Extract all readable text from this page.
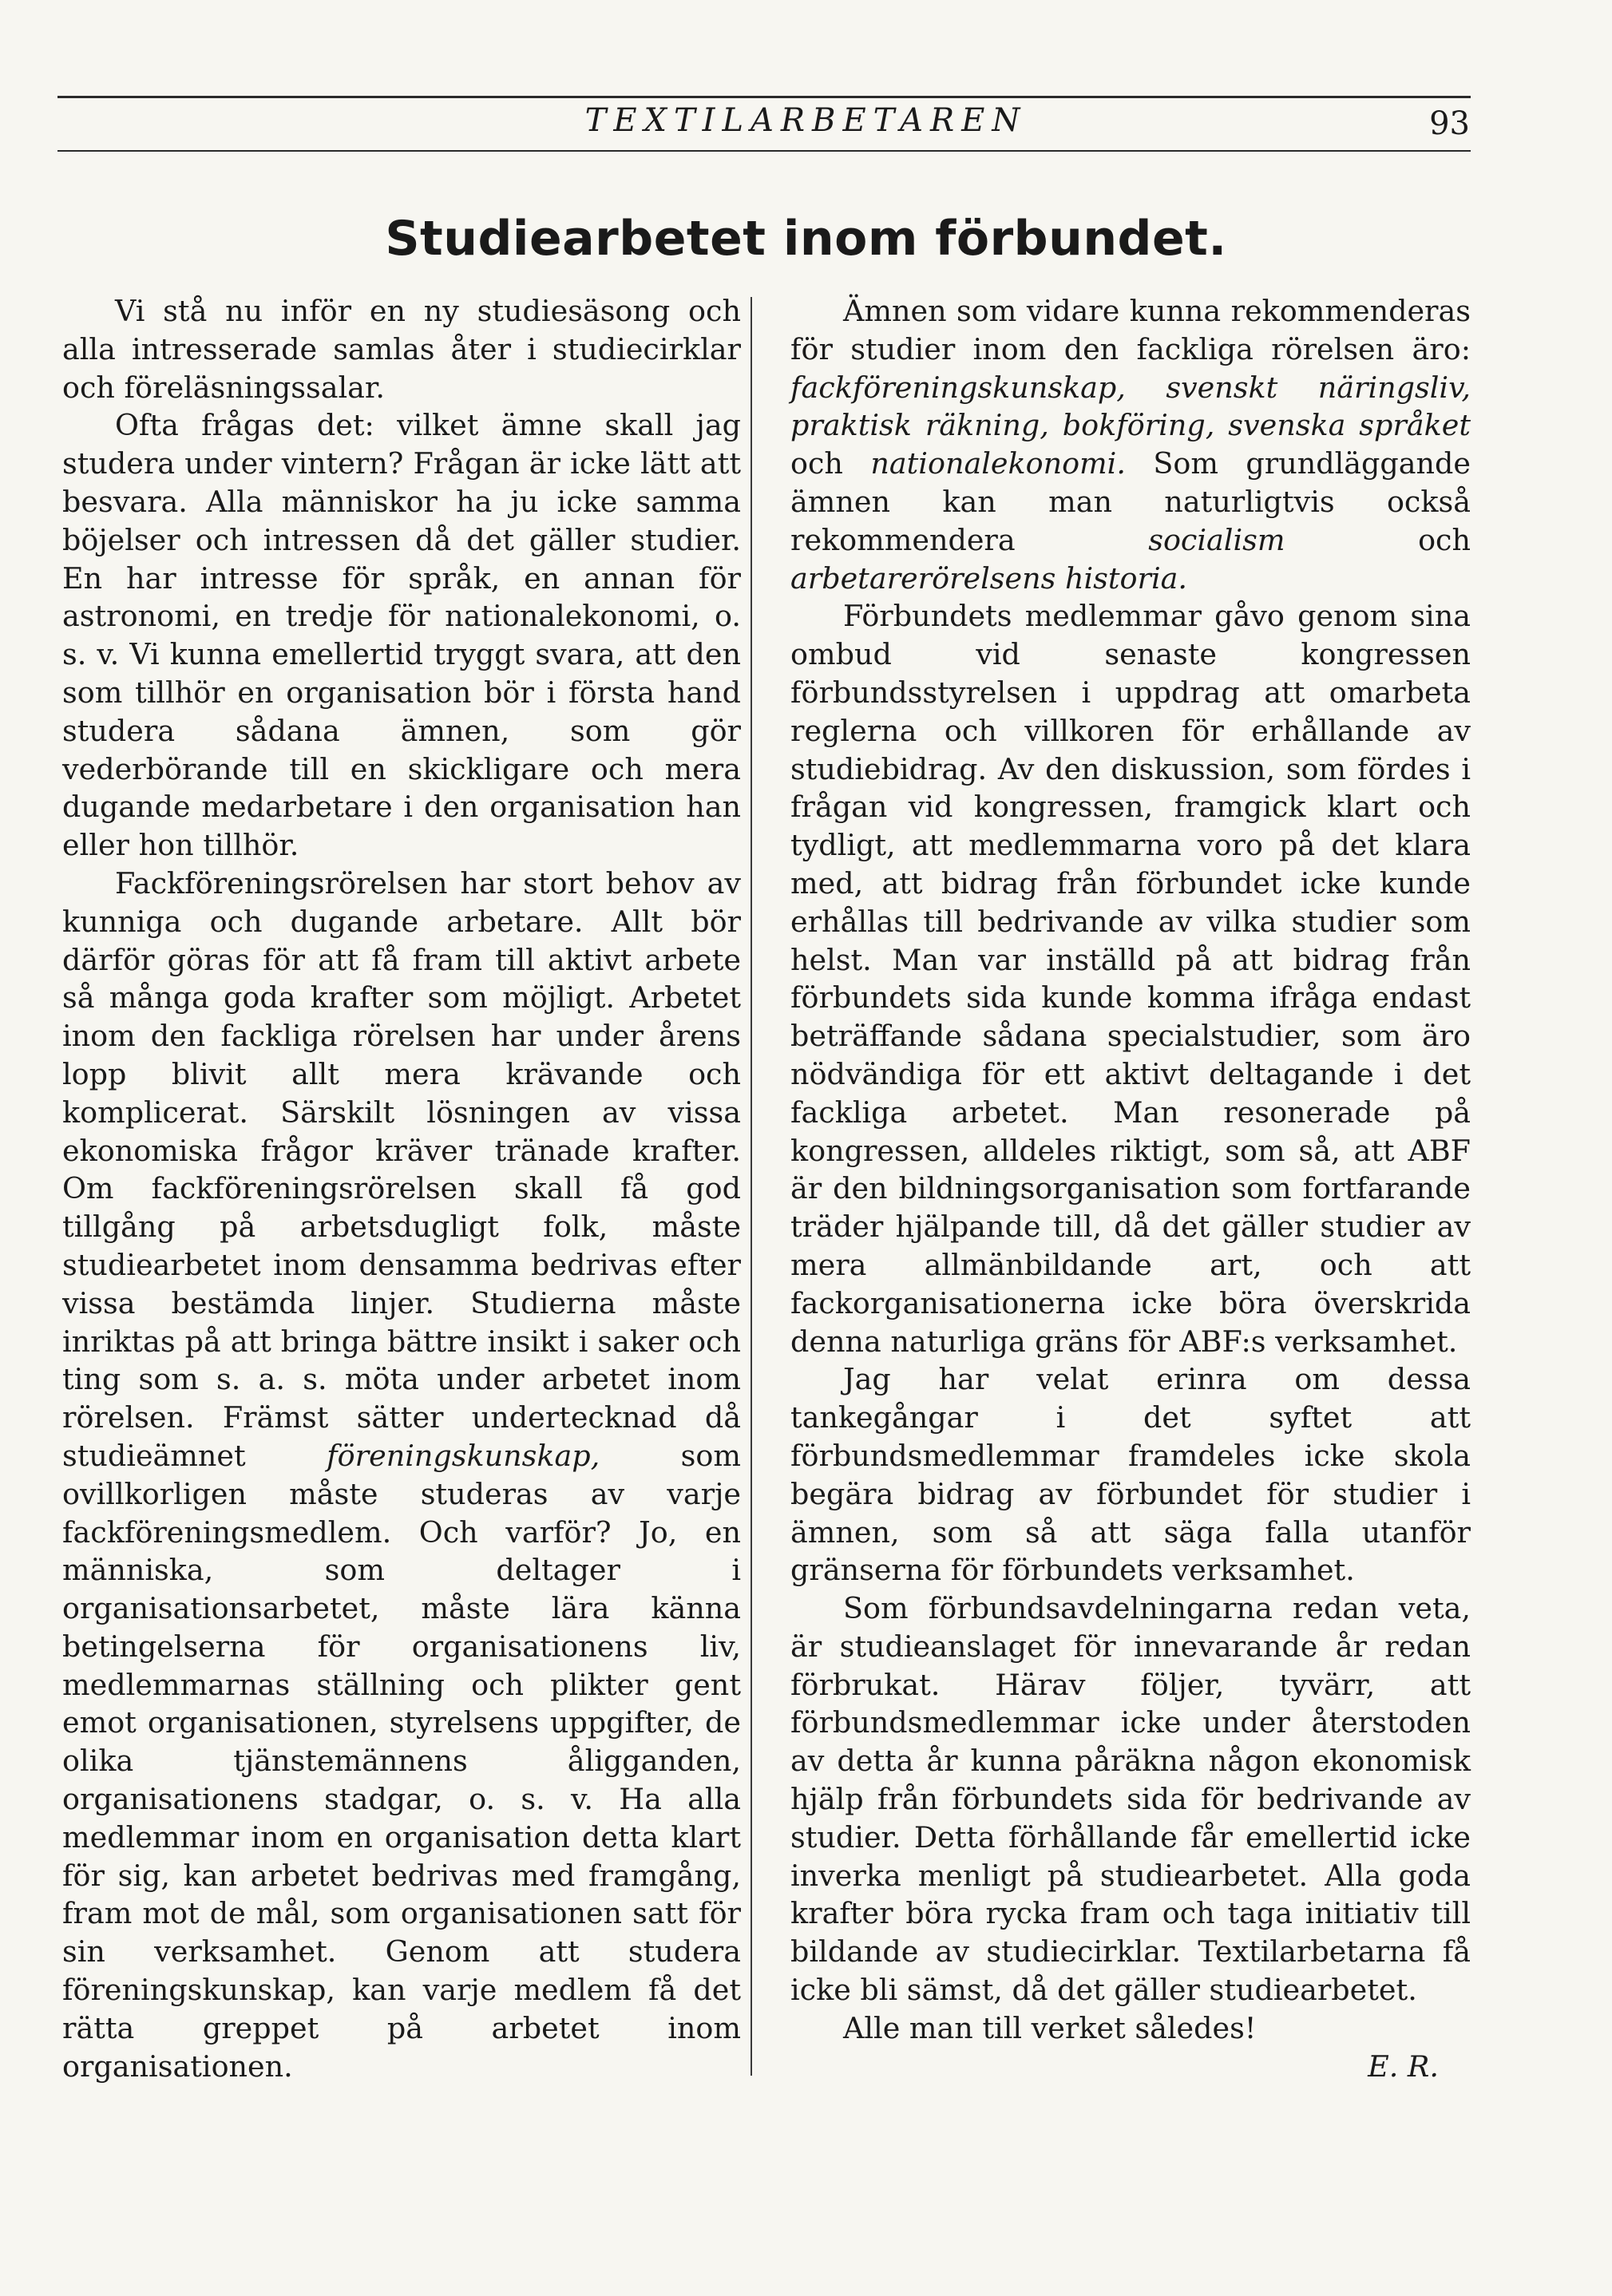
TEXTILARBETAREN	93
Studiearbetet inom förbundet.

Vi stå nu inför en ny studiesäsong och alla intresserade samlas åter i studiecirklar och föreläsningssalar.

Ofta frågas det: vilket ämne skall jag studera under vintern? Frågan är icke lätt att besvara. Alla människor ha ju icke samma böjelser och intressen då det gäller studier. En har intresse för språk, en annan för astronomi, en tredje för nationalekonomi, o. s. v. Vi kunna emellertid tryggt svara, att den som tillhör en organisation bör i första hand studera sådana ämnen, som gör vederbörande till en skickligare och mera dugande medarbetare i den organisation han eller hon tillhör.

Fackföreningsrörelsen har stort behov av kunniga och dugande arbetare. Allt bör därför göras för att få fram till aktivt arbete så många goda krafter som möjligt. Arbetet inom den fackliga rörelsen har under årens lopp blivit allt mera krävande och komplicerat. Särskilt lösningen av vissa ekonomiska frågor kräver tränade krafter. Om fackföreningsrörelsen skall få god tillgång på arbetsdugligt folk, måste studiearbetet inom densamma bedrivas efter vissa bestämda linjer. Studierna måste inriktas på att bringa bättre insikt i saker och ting som s. a. s. möta under arbetet inom rörelsen. Främst sätter undertecknad då studieämnet	föreningskunskap,	som ovillkorligen måste studeras av varje fackföreningsmedlem. Och varför? Jo, en människa, som deltager i organisationsarbetet, måste lära känna betingelserna för organisationens liv, medlemmarnas ställning och plikter gent emot organisationen, styrelsens uppgifter, de olika tjänstemännens åligganden, organisationens stadgar, o. s. v. Ha alla medlemmar inom en organisation detta klart för sig, kan arbetet bedrivas med framgång, fram mot de mål, som organisationen satt för sin verksamhet. Genom att studera föreningskunskap, kan varje medlem få det rätta greppet på arbetet inom organisationen.

Ämnen som vidare kunna rekommenderas för studier inom den fackliga rörelsen äro: fackföreningskunskap, svenskt näringsliv, praktisk räkning, bokföring, svenska språket och nationalekonomi. Som grundläggande ämnen kan man naturligtvis också rekommendera	socialism	och arbetarerörelsens historia.

Förbundets medlemmar gåvo genom sina ombud vid senaste kongressen förbundsstyrelsen i uppdrag att omarbeta reglerna och villkoren för erhållande av studiebidrag. Av den diskussion, som fördes i frågan vid kongressen, framgick klart och tydligt, att medlemmarna voro på det klara med, att bidrag från förbundet icke kunde erhållas till bedrivande av vilka studier som helst. Man var inställd på att bidrag från förbundets sida kunde komma ifråga endast beträffande sådana specialstudier, som äro nödvändiga för ett aktivt deltagande i det fackliga arbetet. Man resonerade på kongressen, alldeles riktigt, som så, att ABF är den bildningsorganisation som fortfarande träder hjälpande till, då det gäller studier av mera allmänbildande art, och att fackorganisationerna icke böra överskrida denna naturliga gräns för ABF:s verksamhet.

Jag har velat erinra om dessa tankegångar i det syftet att förbundsmedlemmar framdeles icke skola begära bidrag av förbundet för studier i ämnen, som så att säga falla utanför gränserna för förbundets verksamhet.

Som förbundsavdelningarna redan veta, är studieanslaget för innevarande år redan förbrukat. Härav följer, tyvärr, att förbundsmedlemmar icke under återstoden av detta år kunna påräkna någon ekonomisk hjälp från förbundets sida för bedrivande av studier. Detta förhållande får emellertid icke inverka menligt på studiearbetet. Alla goda krafter böra rycka fram och taga initiativ till bildande av studiecirklar. Textilarbetarna få icke bli sämst, då det gäller studiearbetet.

Alle man till verket således!

E. R.
